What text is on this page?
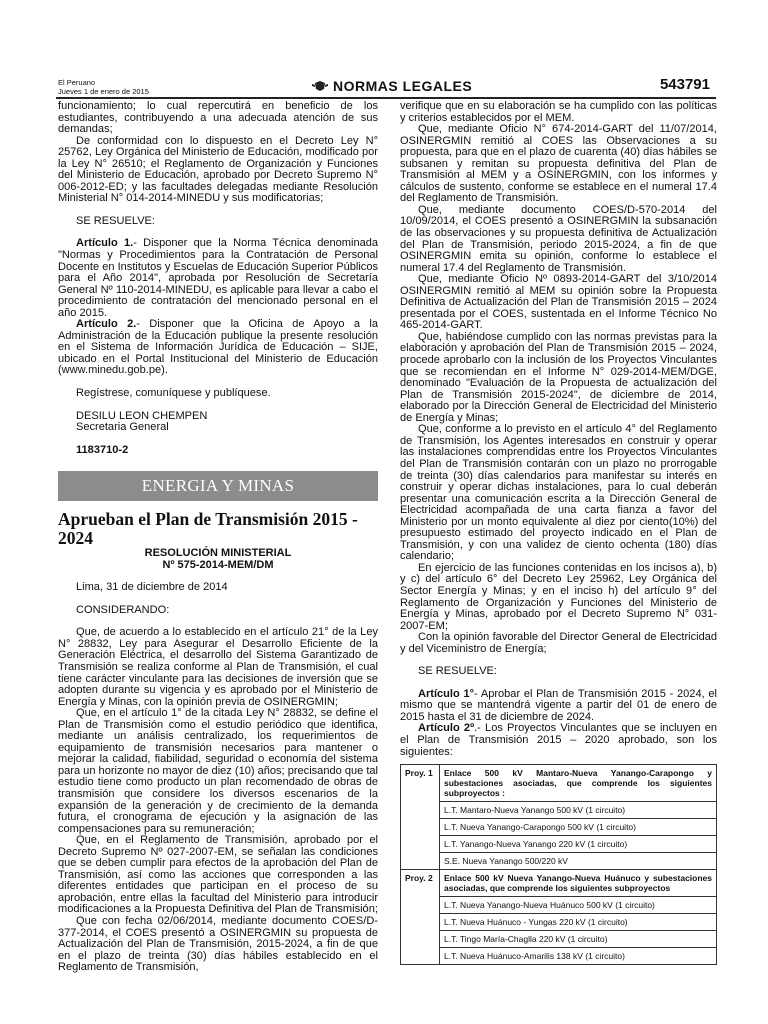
El Peruano
Jueves 1 de enero de 2015	NORMAS LEGALES	543791

funcionamiento; lo cual repercutirá en beneficio de los estudiantes, contribuyendo a una adecuada atención de sus demandas;

De conformidad con lo dispuesto en el Decreto Ley N° 25762, Ley Orgánica del Ministerio de Educación, modificado por la Ley N° 26510; el Reglamento de Organización y Funciones del Ministerio de Educación, aprobado por Decreto Supremo N° 006-2012-ED; y las facultades delegadas mediante Resolución Ministerial N° 014-2014-MINEDU y sus modificatorias;

SE RESUELVE:

Artículo 1.- Disponer que la Norma Técnica denominada "Normas y Procedimientos para la Contratación de Personal Docente en Institutos y Escuelas de Educación Superior Públicos para el Año 2014", aprobada por Resolución de Secretaría General Nº 110-2014-MINEDU, es aplicable para llevar a cabo el procedimiento de contratación del mencionado personal en el año 2015.

Artículo 2.- Disponer que la Oficina de Apoyo a la Administración de la Educación publique la presente resolución en el Sistema de Información Jurídica de Educación – SIJE, ubicado en el Portal Institucional del Ministerio de Educación (www.minedu.gob.pe).

Regístrese, comuníquese y publíquese.

DESILU LEON CHEMPEN

Secretaria General

1183710-2

ENERGIA Y MINAS

Aprueban el Plan de Transmisión 2015 - 2024

RESOLUCIÓN MINISTERIAL

Nº 575-2014-MEM/DM

Lima, 31 de diciembre de 2014

CONSIDERANDO:

Que, de acuerdo a lo establecido en el artículo 21° de la Ley N° 28832, Ley para Asegurar el Desarrollo Eficiente de la Generación Eléctrica, el desarrollo del Sistema Garantizado de Transmisión se realiza conforme al Plan de Transmisión, el cual tiene carácter vinculante para las decisiones de inversión que se adopten durante su vigencia y es aprobado por el Ministerio de Energía y Minas, con la opinión previa de OSINERGMIN;

Que, en el artículo 1° de la citada Ley N° 28832, se define el Plan de Transmisión como el estudio periódico que identifica, mediante un análisis centralizado, los requerimientos de equipamiento de transmisión necesarios para mantener o mejorar la calidad, fiabilidad, seguridad o economía del sistema para un horizonte no mayor de diez (10) años; precisando que tal estudio tiene como producto un plan recomendado de obras de transmisión que considere los diversos escenarios de la expansión de la generación y de crecimiento de la demanda futura, el cronograma de ejecución y la asignación de las compensaciones para su remuneración;

Que, en el Reglamento de Transmisión, aprobado por el Decreto Supremo Nº 027-2007-EM, se señalan las condiciones que se deben cumplir para efectos de la aprobación del Plan de Transmisión, así como las acciones que corresponden a las diferentes entidades que participan en el proceso de su aprobación, entre ellas la facultad del Ministerio para introducir modificaciones a la Propuesta Definitiva del Plan de Transmisión;

Que con fecha 02/06/2014, mediante documento COES/D-377-2014, el COES presentó a OSINERGMIN su propuesta de Actualización del Plan de Transmisión, 2015-2024, a fin de que en el plazo de treinta (30) días hábiles establecido en el Reglamento de Transmisión,

verifique que en su elaboración se ha cumplido con las políticas y criterios establecidos por el MEM.

Que, mediante Oficio N° 674-2014-GART del 11/07/2014, OSINERGMIN remitió al COES las Observaciones a su propuesta, para que en el plazo de cuarenta (40) días hábiles se subsanen y remitan su propuesta definitiva del Plan de Transmisión al MEM y a OSINERGMIN, con los informes y cálculos de sustento, conforme se establece en el numeral 17.4 del Reglamento de Transmisión.

Que, mediante documento COES/D-570-2014 del 10/09/2014, el COES presentó a OSINERGMIN la subsanación de las observaciones y su propuesta definitiva de Actualización del Plan de Transmisión, periodo 2015-2024, a fin de que OSINERGMIN emita su opinión, conforme lo establece el numeral 17.4 del Reglamento de Transmisión.

Que, mediante Oficio Nº 0893-2014-GART del 3/10/2014 OSINERGMIN remitió al MEM su opinión sobre la Propuesta Definitiva de Actualización del Plan de Transmisión 2015 – 2024 presentada por el COES, sustentada en el Informe Técnico No 465-2014-GART.

Que, habiéndose cumplido con las normas previstas para la elaboración y aprobación del Plan de Transmisión 2015 – 2024, procede aprobarlo con la inclusión de los Proyectos Vinculantes que se recomiendan en el Informe N° 029-2014-MEM/DGE, denominado "Evaluación de la Propuesta de actualización del Plan de Transmisión 2015-2024", de diciembre de 2014, elaborado por la Dirección General de Electricidad del Ministerio de Energía y Minas;

Que, conforme a lo previsto en el artículo 4° del Reglamento de Transmisión, los Agentes interesados en construir y operar las instalaciones comprendidas entre los Proyectos Vinculantes del Plan de Transmisión contarán con un plazo no prorrogable de treinta (30) días calendarios para manifestar su interés en construir y operar dichas instalaciones, para lo cual deberán presentar una comunicación escrita a la Dirección General de Electricidad acompañada de una carta fianza a favor del Ministerio por un monto equivalente al diez por ciento(10%) del presupuesto estimado del proyecto indicado en el Plan de Transmisión, y con una validez de ciento ochenta (180) días calendario;

En ejercicio de las funciones contenidas en los incisos a), b) y c) del artículo 6° del Decreto Ley 25962, Ley Orgánica del Sector Energía y Minas; y en el inciso h) del artículo 9° del Reglamento de Organización y Funciones del Ministerio de Energía y Minas, aprobado por el Decreto Supremo N° 031-2007-EM;

Con la opinión favorable del Director General de Electricidad y del Viceministro de Energía;

SE RESUELVE:

Artículo 1°- Aprobar el Plan de Transmisión 2015 - 2024, el mismo que se mantendrá vigente a partir del 01 de enero de 2015 hasta el 31 de diciembre de 2024.

Artículo 2º.- Los Proyectos Vinculantes que se incluyen en el Plan de Transmisión 2015 – 2020 aprobado, son los siguientes:

Proy. 1	Enlace 500 kV Mantaro-Nueva Yanango-Carapongo y subestaciones asociadas, que comprende los siguientes subproyectos :
	L.T. Mantaro-Nueva Yanango 500 kV (1 circuito)
	L.T. Nueva Yanango-Carapongo 500 kV (1 circuito)
	L.T. Yanango-Nueva Yanango 220 kV (1 circuito)
	S.E. Nueva Yanango 500/220 kV
Proy. 2	Enlace 500 kV Nueva Yanango-Nueva Huánuco y subestaciones asociadas, que comprende los siguientes subproyectos
	L.T. Nueva Yanango-Nueva Huánuco 500 kV (1 circuito)
	L.T. Nueva Huánuco - Yungas 220 kV (1 circuito)
	L.T. Tingo María-Chaglla 220 kV (1 circuito)
	L.T. Nueva Huánuco-Amarilis 138 kV (1 circuito)
